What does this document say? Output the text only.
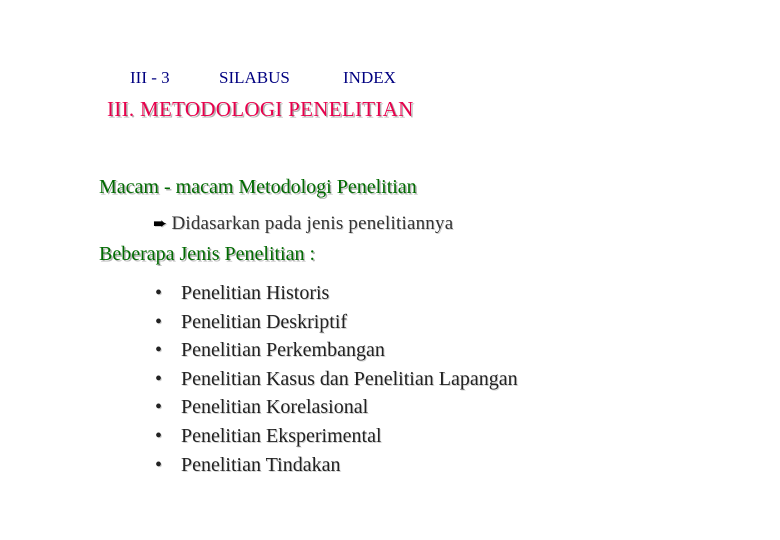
III - 3	SILABUS	INDEX
III. METODOLOGI PENELITIAN
Macam - macam Metodologi Penelitian
➨ Didasarkan pada jenis penelitiannya
Beberapa Jenis Penelitian :
• Penelitian Historis
• Penelitian Deskriptif
• Penelitian Perkembangan
• Penelitian Kasus dan Penelitian Lapangan
• Penelitian Korelasional
• Penelitian Eksperimental
• Penelitian Tindakan
